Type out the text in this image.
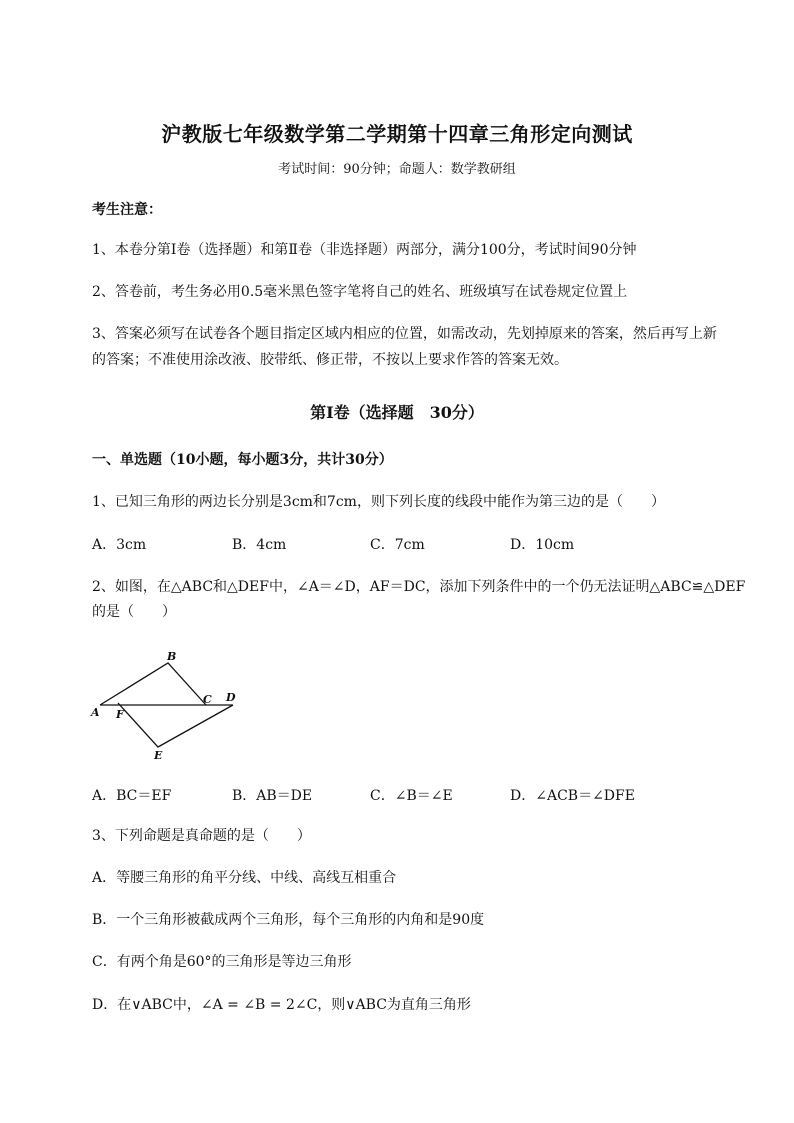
沪教版七年级数学第二学期第十四章三角形定向测试
考试时间：90分钟；命题人：数学教研组
考生注意：
1、本卷分第I卷（选择题）和第Ⅱ卷（非选择题）两部分，满分100分，考试时间90分钟
2、答卷前，考生务必用0.5毫米黑色签字笔将自己的姓名、班级填写在试卷规定位置上
3、答案必须写在试卷各个题目指定区域内相应的位置，如需改动，先划掉原来的答案，然后再写上新
的答案；不准使用涂改液、胶带纸、修正带，不按以上要求作答的答案无效。
第I卷（选择题　30分）
一、单选题（10小题，每小题3分，共计30分）
1、已知三角形的两边长分别是3cm和7cm，则下列长度的线段中能作为第三边的是（　　）
A．3cm	B．4cm	C．7cm	D．10cm
2、如图，在△ABC和△DEF中，∠A＝∠D，AF＝DC，添加下列条件中的一个仍无法证明△ABC≌△DEF
的是（　　）
B
A F
C D
E
A．BC＝EF	B．AB＝DE	C．∠B＝∠E	D．∠ACB＝∠DFE
3、下列命题是真命题的是（　　）
A．等腰三角形的角平分线、中线、高线互相重合
B．一个三角形被截成两个三角形，每个三角形的内角和是90度
C．有两个角是60°的三角形是等边三角形
D．在∨ABC中，∠A = ∠B = 2∠C，则∨ABC为直角三角形
